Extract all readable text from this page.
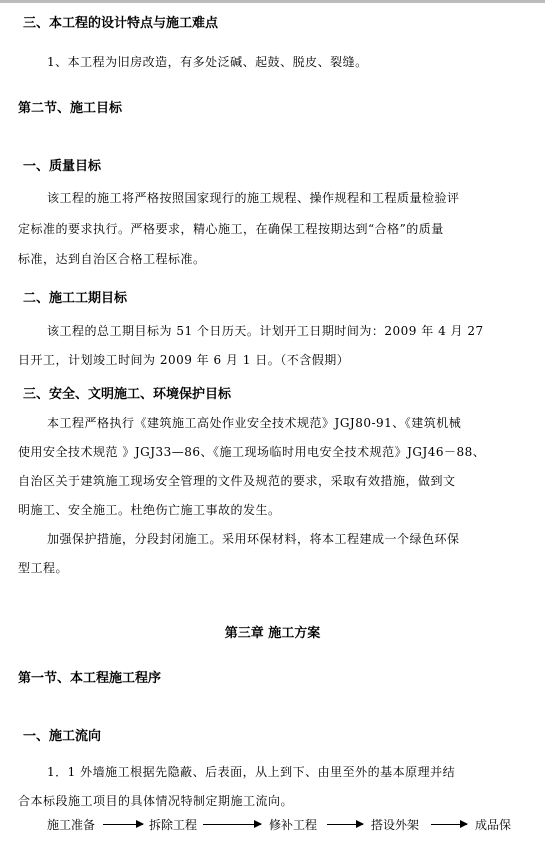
三、本工程的设计特点与施工难点

1、本工程为旧房改造，有多处泛碱、起鼓、脱皮、裂缝。

第二节、施工目标

一、质量目标

该工程的施工将严格按照国家现行的施工规程、操作规程和工程质量检验评

定标准的要求执行。严格要求，精心施工，在确保工程按期达到“合格”的质量

标准，达到自治区合格工程标准。

二、施工工期目标

该工程的总工期目标为 51 个日历天。计划开工日期时间为：2009 年 4 月 27

日开工，计划竣工时间为 2009 年 6 月 1 日。（不含假期）

三、安全、文明施工、环境保护目标

本工程严格执行《建筑施工高处作业安全技术规范》JGJ80-91、《建筑机械

使用安全技术规范 》JGJ33—86、《施工现场临时用电安全技术规范》JGJ46－88、

自治区关于建筑施工现场安全管理的文件及规范的要求，采取有效措施，做到文

明施工、安全施工。杜绝伤亡施工事故的发生。

加强保护措施，分段封闭施工。采用环保材料，将本工程建成一个绿色环保

型工程。

第三章 施工方案

第一节、本工程施工程序

一、施工流向

1．1 外墙施工根据先隐蔽、后表面，从上到下、由里至外的基本原理并结

合本标段施工项目的具体情况特制定期施工流向。

施工准备	拆除工程	修补工程	搭设外架	成品保
